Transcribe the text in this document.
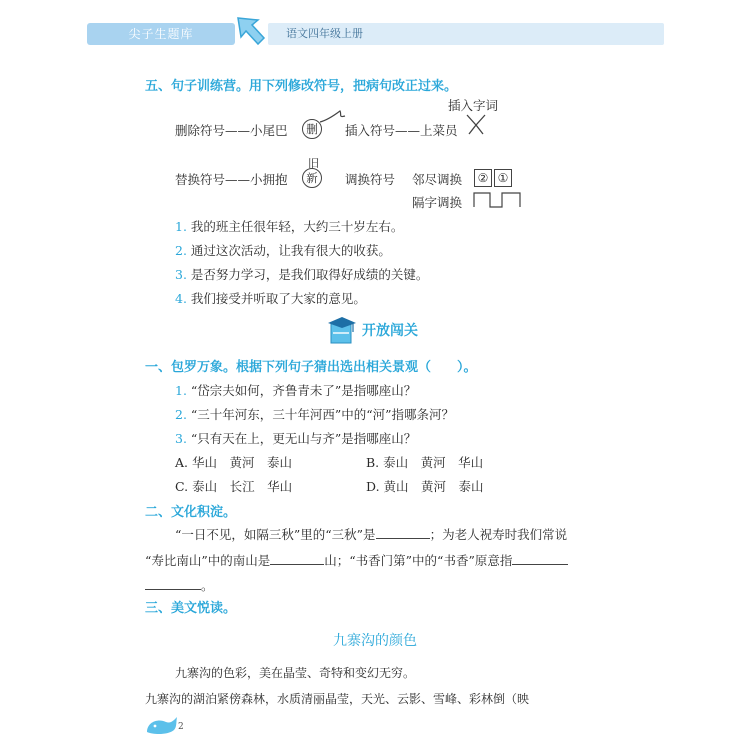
尖子生题库	语文四年级上册
五、句子训练营。用下列修改符号，把病句改正过来。
插入字词
删除符号——小尾巴	删	插入符号——上菜员
旧
替换符号——小拥抱	新	调换符号 邻尽调换	② ①
隔字调换
1. 我的班主任很年轻，大约三十岁左右。
2. 通过这次活动，让我有很大的收获。
3. 是否努力学习，是我们取得好成绩的关键。
4. 我们接受并听取了大家的意见。
开放闯关
一、包罗万象。根据下列句子猜出选出相关景观（　　）。
1. “岱宗夫如何，齐鲁青未了”是指哪座山？
2. “三十年河东，三十年河西”中的“河”指哪条河？
3. “只有天在上，更无山与齐”是指哪座山？
A. 华山　黄河　泰山	B. 泰山　黄河　华山
C. 泰山　长江　华山	D. 黄山　黄河　泰山
二、文化积淀。
“一日不见，如隔三秋”里的“三秋”是	；为老人祝寿时我们常说
“寿比南山”中的南山是	山；“书香门第”中的“书香”原意指
。
三、美文悦读。
九寨沟的颜色
九寨沟的色彩，美在晶莹、奇特和变幻无穷。
九寨沟的湖泊紧傍森林，水质清丽晶莹，天光、云影、雪峰、彩林倒（映
2
